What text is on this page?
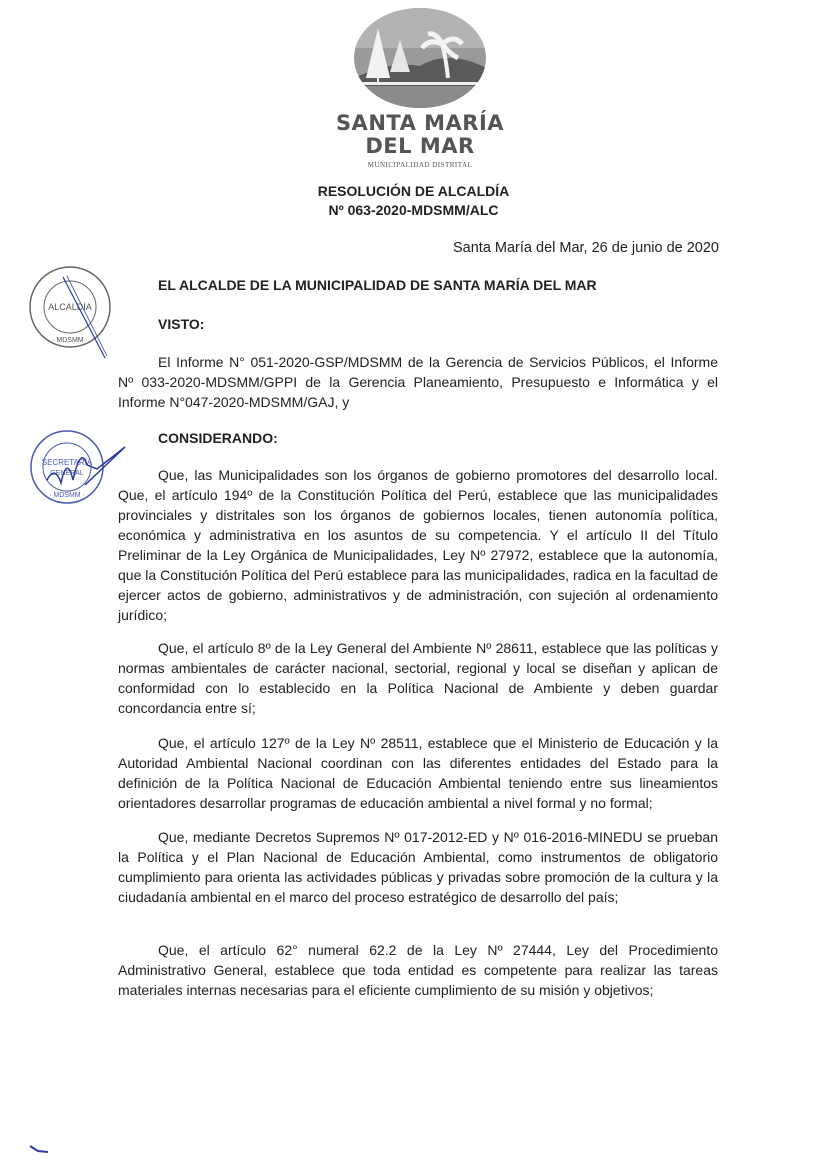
SANTA MARÍA
DEL MAR
MUNICIPALIDAD DISTRITAL
RESOLUCIÓN DE ALCALDÍA
Nº 063-2020-MDSMM/ALC
Santa María del Mar, 26 de junio de 2020
ALCALDÍA
· MDSMM ·
SECRETARÍA
GENERAL
· MDSMM ·
EL ALCALDE DE LA MUNICIPALIDAD DE SANTA MARÍA DEL MAR
VISTO:
El Informe N° 051-2020-GSP/MDSMM de la Gerencia de Servicios Públicos, el Informe Nº 033-2020-MDSMM/GPPI de la Gerencia Planeamiento, Presupuesto e Informática y el Informe N°047-2020-MDSMM/GAJ, y
CONSIDERANDO:
Que, las Municipalidades son los órganos de gobierno promotores del desarrollo local. Que, el artículo 194º de la Constitución Política del Perú, establece que las municipalidades provinciales y distritales son los órganos de gobiernos locales, tienen autonomía política, económica y administrativa en los asuntos de su competencia. Y el artículo II del Título Preliminar de la Ley Orgánica de Municipalidades, Ley Nº 27972, establece que la autonomía, que la Constitución Política del Perú establece para las municipalidades, radica en la facultad de ejercer actos de gobierno, administrativos y de administración, con sujeción al ordenamiento jurídico;
Que, el artículo 8º de la Ley General del Ambiente Nº 28611, establece que las políticas y normas ambientales de carácter nacional, sectorial, regional y local se diseñan y aplican de conformidad con lo establecido en la Política Nacional de Ambiente y deben guardar concordancia entre sí;
Que, el artículo 127º de la Ley Nº 28511, establece que el Ministerio de Educación y la Autoridad Ambiental Nacional coordinan con las diferentes entidades del Estado para la definición de la Política Nacional de Educación Ambiental teniendo entre sus lineamientos orientadores desarrollar programas de educación ambiental a nivel formal y no formal;
Que, mediante Decretos Supremos Nº 017-2012-ED y Nº 016-2016-MINEDU se prueban la Política y el Plan Nacional de Educación Ambiental, como instrumentos de obligatorio cumplimiento para orienta las actividades públicas y privadas sobre promoción de la cultura y la ciudadanía ambiental en el marco del proceso estratégico de desarrollo del país;
Que, el artículo 62° numeral 62.2 de la Ley Nº 27444, Ley del Procedimiento Administrativo General, establece que toda entidad es competente para realizar las tareas materiales internas necesarias para el eficiente cumplimiento de su misión y objetivos;
